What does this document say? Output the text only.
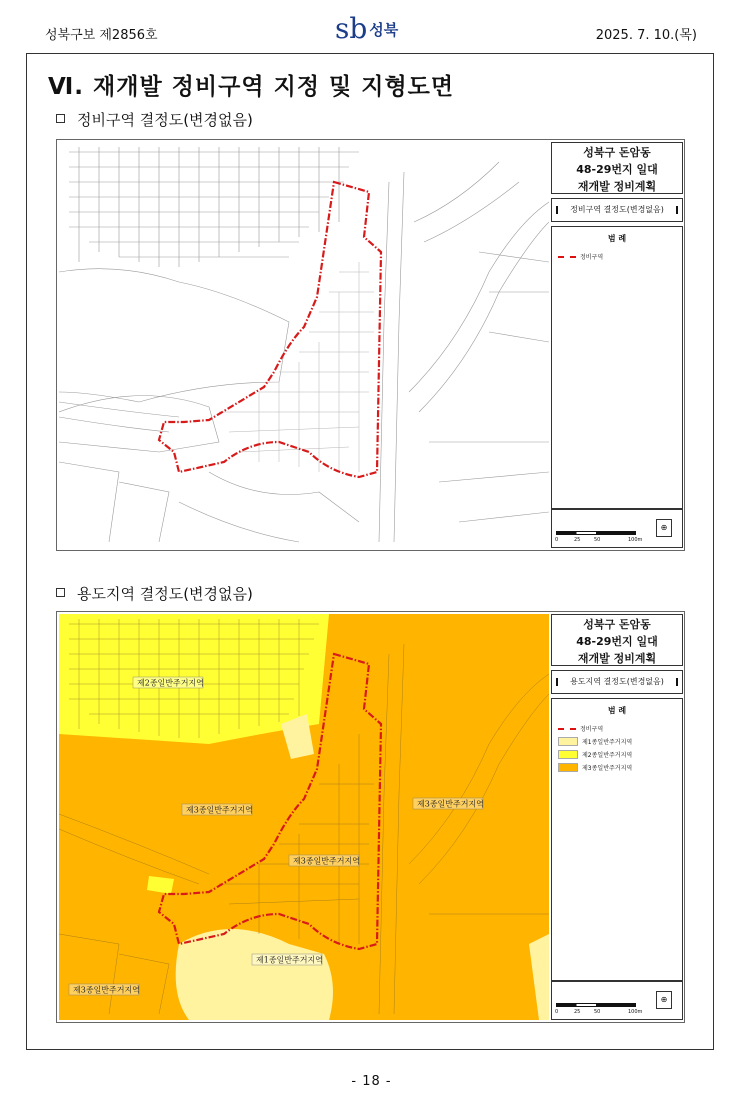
성북구보 제2856호	sb 성북	2025. 7. 10.(목)
Ⅵ. 재개발 정비구역 지정 및 지형도면
정비구역 결정도(변경없음)
성북구 돈암동
48-29번지 일대
재개발 정비계획
정비구역 결정도(변경없음)
범 례
정비구역
0	25	50	100m
⊕
용도지역 결정도(변경없음)
제2종일반주거지역
제3종일반주거지역
제3종일반주거지역
제3종일반주거지역
제1종일반주거지역
제3종일반주거지역
성북구 돈암동
48-29번지 일대
재개발 정비계획
용도지역 결정도(변경없음)
범 례
정비구역
제1종일반주거지역
제2종일반주거지역
제3종일반주거지역
0	25	50	100m
⊕
- 18 -
